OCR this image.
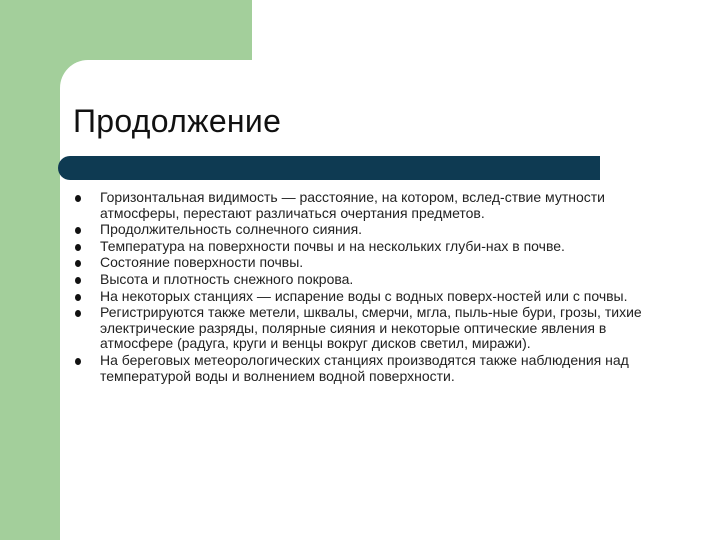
Продолжение
Горизонтальная видимость — расстояние, на котором, вслед-ствие мутности атмосферы, перестают различаться очертания предметов.
Продолжительность солнечного сияния.
Температура на поверхности почвы и на нескольких глуби-нах в почве.
Состояние поверхности почвы.
Высота и плотность снежного покрова.
На некоторых станциях — испарение воды с водных поверх-ностей или с почвы.
Регистрируются также метели, шквалы, смерчи, мгла, пыль-ные бури, грозы, тихие электрические разряды, полярные сияния и некоторые оптические явления в атмосфере (радуга, круги и венцы вокруг дисков светил, миражи).
На береговых метеорологических станциях производятся также наблюдения над температурой воды и волнением водной поверхности.
